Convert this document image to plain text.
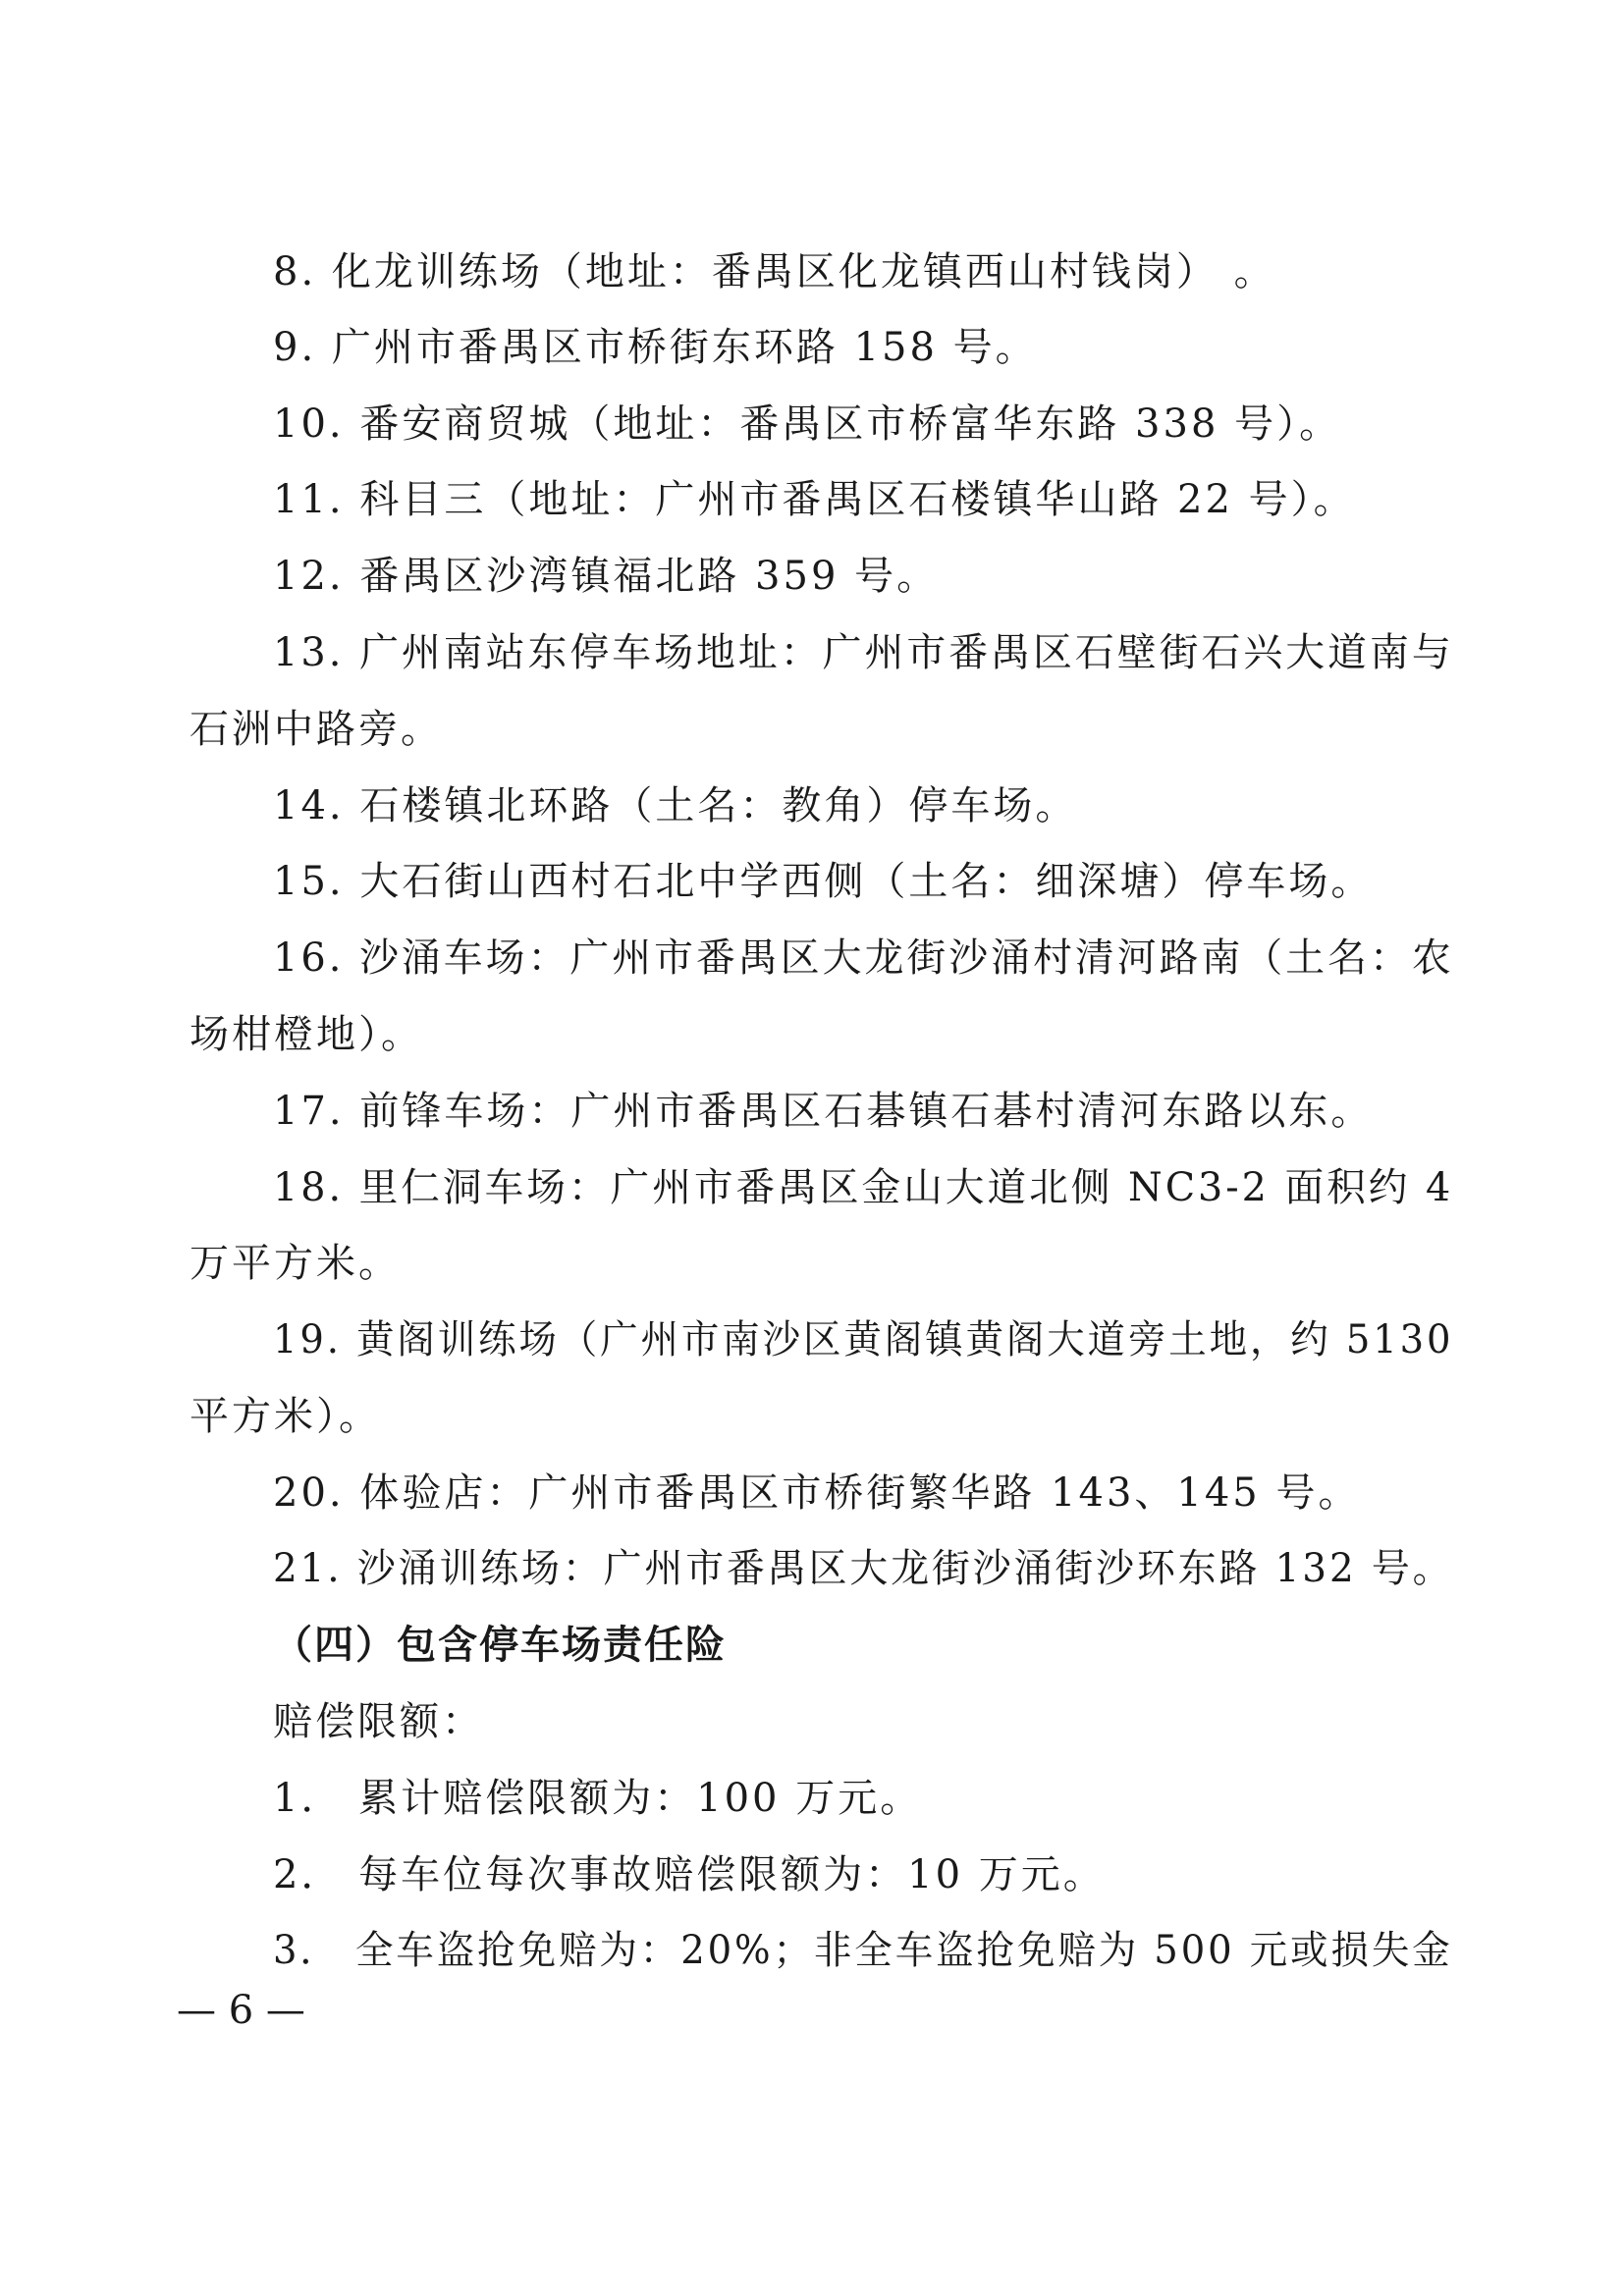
8. 化龙训练场（地址：番禺区化龙镇西山村钱岗） 。
9. 广州市番禺区市桥街东环路 158 号。
10. 番安商贸城（地址：番禺区市桥富华东路 338 号）。
11. 科目三（地址：广州市番禺区石楼镇华山路 22 号）。
12. 番禺区沙湾镇福北路 359 号。
13. 广州南站东停车场地址：广州市番禺区石壁街石兴大道南与
石洲中路旁。
14. 石楼镇北环路（土名：教角）停车场。
15. 大石街山西村石北中学西侧（土名：细深塘）停车场。
16. 沙涌车场：广州市番禺区大龙街沙涌村清河路南（土名：农
场柑橙地）。
17. 前锋车场：广州市番禺区石碁镇石碁村清河东路以东。
18. 里仁洞车场：广州市番禺区金山大道北侧 NC3-2 面积约 4
万平方米。
19. 黄阁训练场（广州市南沙区黄阁镇黄阁大道旁土地，约 5130
平方米）。
20. 体验店：广州市番禺区市桥街繁华路 143、145 号。
21. 沙涌训练场：广州市番禺区大龙街沙涌街沙环东路 132 号。
（四）包含停车场责任险
赔偿限额：
1． 累计赔偿限额为：100 万元。
2． 每车位每次事故赔偿限额为：10 万元。
3． 全车盗抢免赔为：20%；非全车盗抢免赔为 500 元或损失金
— 6 —
